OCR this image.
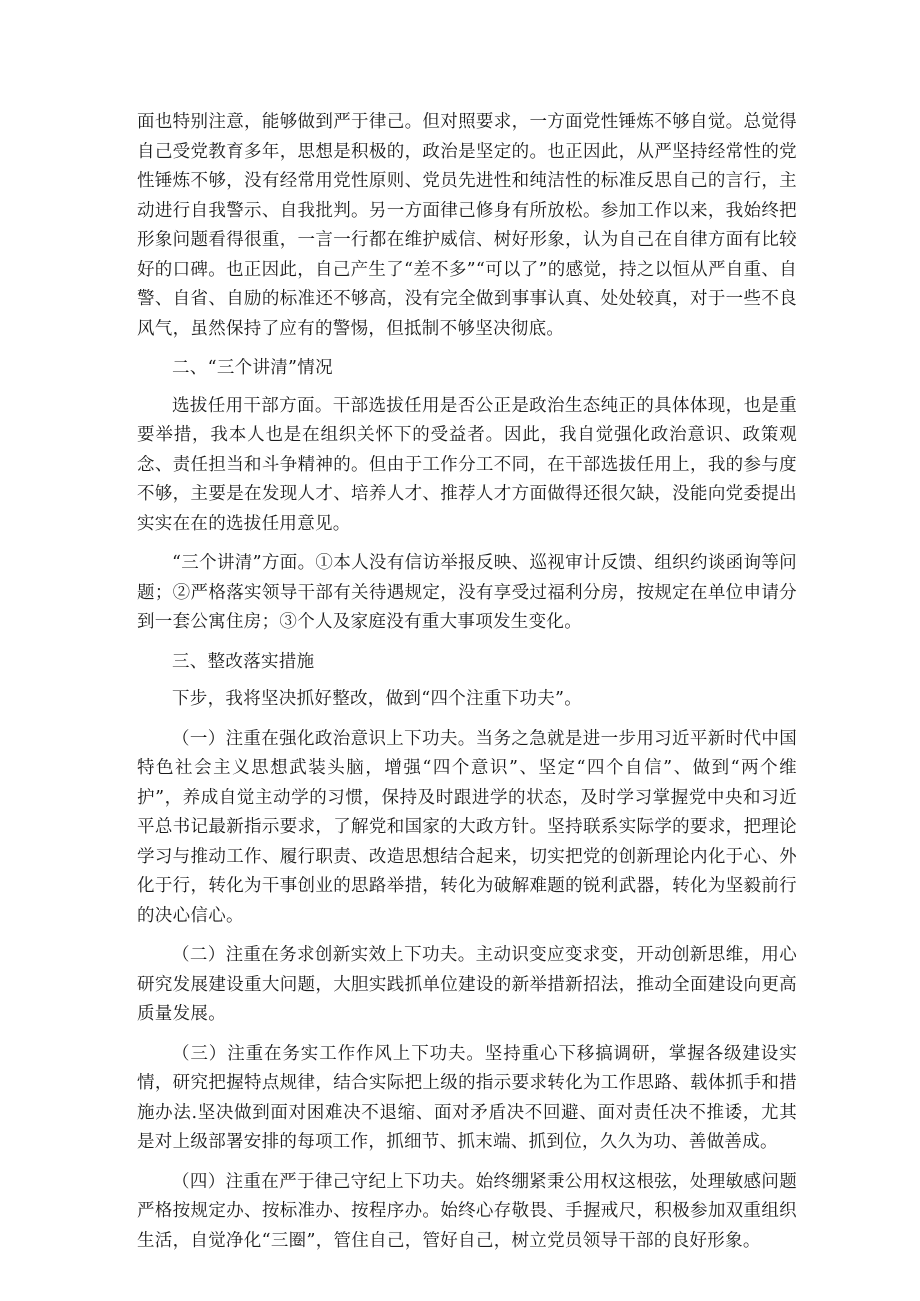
面也特别注意，能够做到严于律己。但对照要求，一方面党性锤炼不够自觉。总觉得自己受党教育多年，思想是积极的，政治是坚定的。也正因此，从严坚持经常性的党性锤炼不够，没有经常用党性原则、党员先进性和纯洁性的标准反思自己的言行，主动进行自我警示、自我批判。另一方面律己修身有所放松。参加工作以来，我始终把形象问题看得很重，一言一行都在维护威信、树好形象，认为自己在自律方面有比较好的口碑。也正因此，自己产生了“差不多”“可以了”的感觉，持之以恒从严自重、自警、自省、自励的标准还不够高，没有完全做到事事认真、处处较真，对于一些不良风气，虽然保持了应有的警惕，但抵制不够坚决彻底。

二、“三个讲清”情况

选拔任用干部方面。干部选拔任用是否公正是政治生态纯正的具体体现，也是重要举措，我本人也是在组织关怀下的受益者。因此，我自觉强化政治意识、政策观念、责任担当和斗争精神的。但由于工作分工不同，在干部选拔任用上，我的参与度不够，主要是在发现人才、培养人才、推荐人才方面做得还很欠缺，没能向党委提出实实在在的选拔任用意见。

“三个讲清”方面。①本人没有信访举报反映、巡视审计反馈、组织约谈函询等问题；②严格落实领导干部有关待遇规定，没有享受过福利分房，按规定在单位申请分到一套公寓住房；③个人及家庭没有重大事项发生变化。

三、整改落实措施

下步，我将坚决抓好整改，做到“四个注重下功夫”。

（一）注重在强化政治意识上下功夫。当务之急就是进一步用习近平新时代中国特色社会主义思想武装头脑，增强“四个意识”、坚定“四个自信”、做到“两个维护”，养成自觉主动学的习惯，保持及时跟进学的状态，及时学习掌握党中央和习近平总书记最新指示要求，了解党和国家的大政方针。坚持联系实际学的要求，把理论学习与推动工作、履行职责、改造思想结合起来，切实把党的创新理论内化于心、外化于行，转化为干事创业的思路举措，转化为破解难题的锐利武器，转化为坚毅前行的决心信心。

（二）注重在务求创新实效上下功夫。主动识变应变求变，开动创新思维，用心研究发展建设重大问题，大胆实践抓单位建设的新举措新招法，推动全面建设向更高质量发展。

（三）注重在务实工作作风上下功夫。坚持重心下移搞调研，掌握各级建设实情，研究把握特点规律，结合实际把上级的指示要求转化为工作思路、载体抓手和措施办法.坚决做到面对困难决不退缩、面对矛盾决不回避、面对责任决不推诿，尤其是对上级部署安排的每项工作，抓细节、抓末端、抓到位，久久为功、善做善成。

（四）注重在严于律己守纪上下功夫。始终绷紧秉公用权这根弦，处理敏感问题严格按规定办、按标准办、按程序办。始终心存敬畏、手握戒尺，积极参加双重组织生活，自觉净化“三圈”，管住自己，管好自己，树立党员领导干部的良好形象。
